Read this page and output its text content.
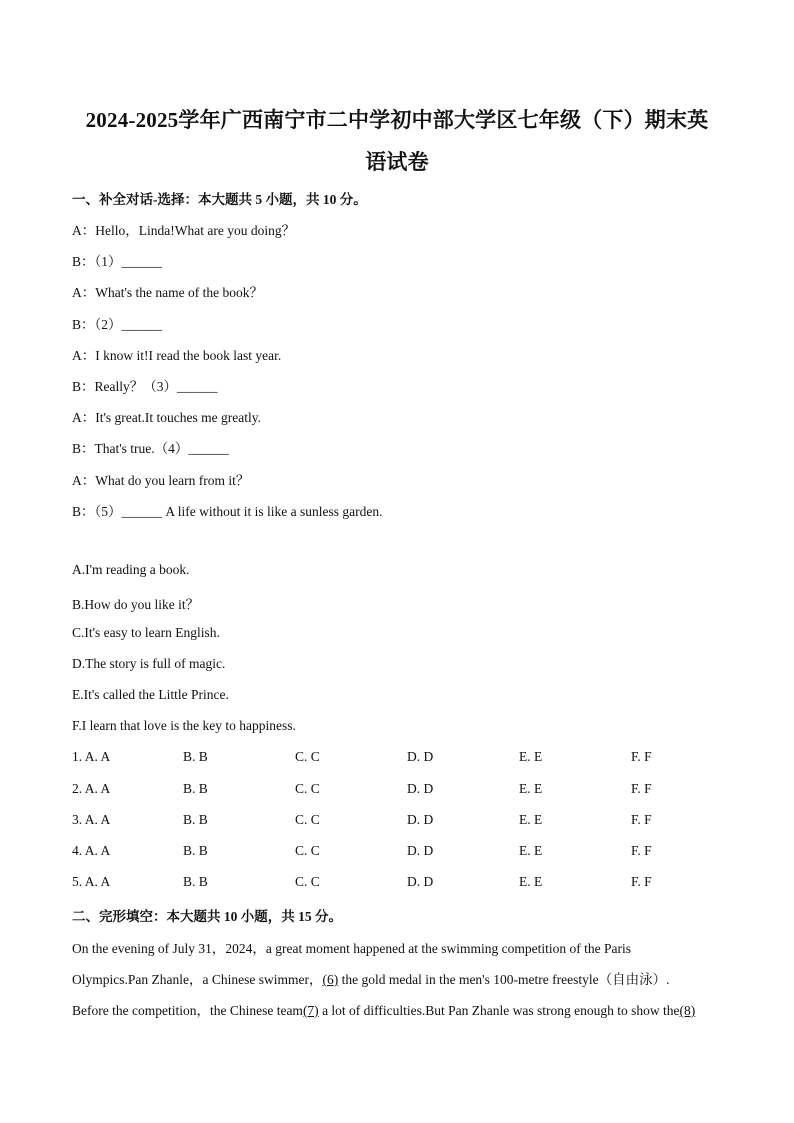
2024-2025学年广西南宁市二中学初中部大学区七年级（下）期末英
语试卷
一、补全对话-选择：本大题共 5 小题，共 10 分。
A：Hello，Linda!What are you doing？
B：（1）______
A：What's the name of the book？
B：（2）______
A：I know it!I read the book last year.
B：Really？（3）______
A：It's great.It touches me greatly.
B：That's true.（4）______
A：What do you learn from it？
B：（5）______ A life without it is like a sunless garden.
A.I'm reading a book.
B.How do you like it？
C.It's easy to learn English.
D.The story is full of magic.
E.It's called the Little Prince.
F.I learn that love is the key to happiness.
1. A. A	B. B	C. C	D. D	E. E	F. F
2. A. A	B. B	C. C	D. D	E. E	F. F
3. A. A	B. B	C. C	D. D	E. E	F. F
4. A. A	B. B	C. C	D. D	E. E	F. F
5. A. A	B. B	C. C	D. D	E. E	F. F
二、完形填空：本大题共 10 小题，共 15 分。
On the evening of July 31，2024，a great moment happened at the swimming competition of the Paris
Olympics.Pan Zhanle，a Chinese swimmer，(6) the gold medal in the men's 100-metre freestyle（自由泳）.
Before the competition，the Chinese team(7) a lot of difficulties.But Pan Zhanle was strong enough to show the(8)
